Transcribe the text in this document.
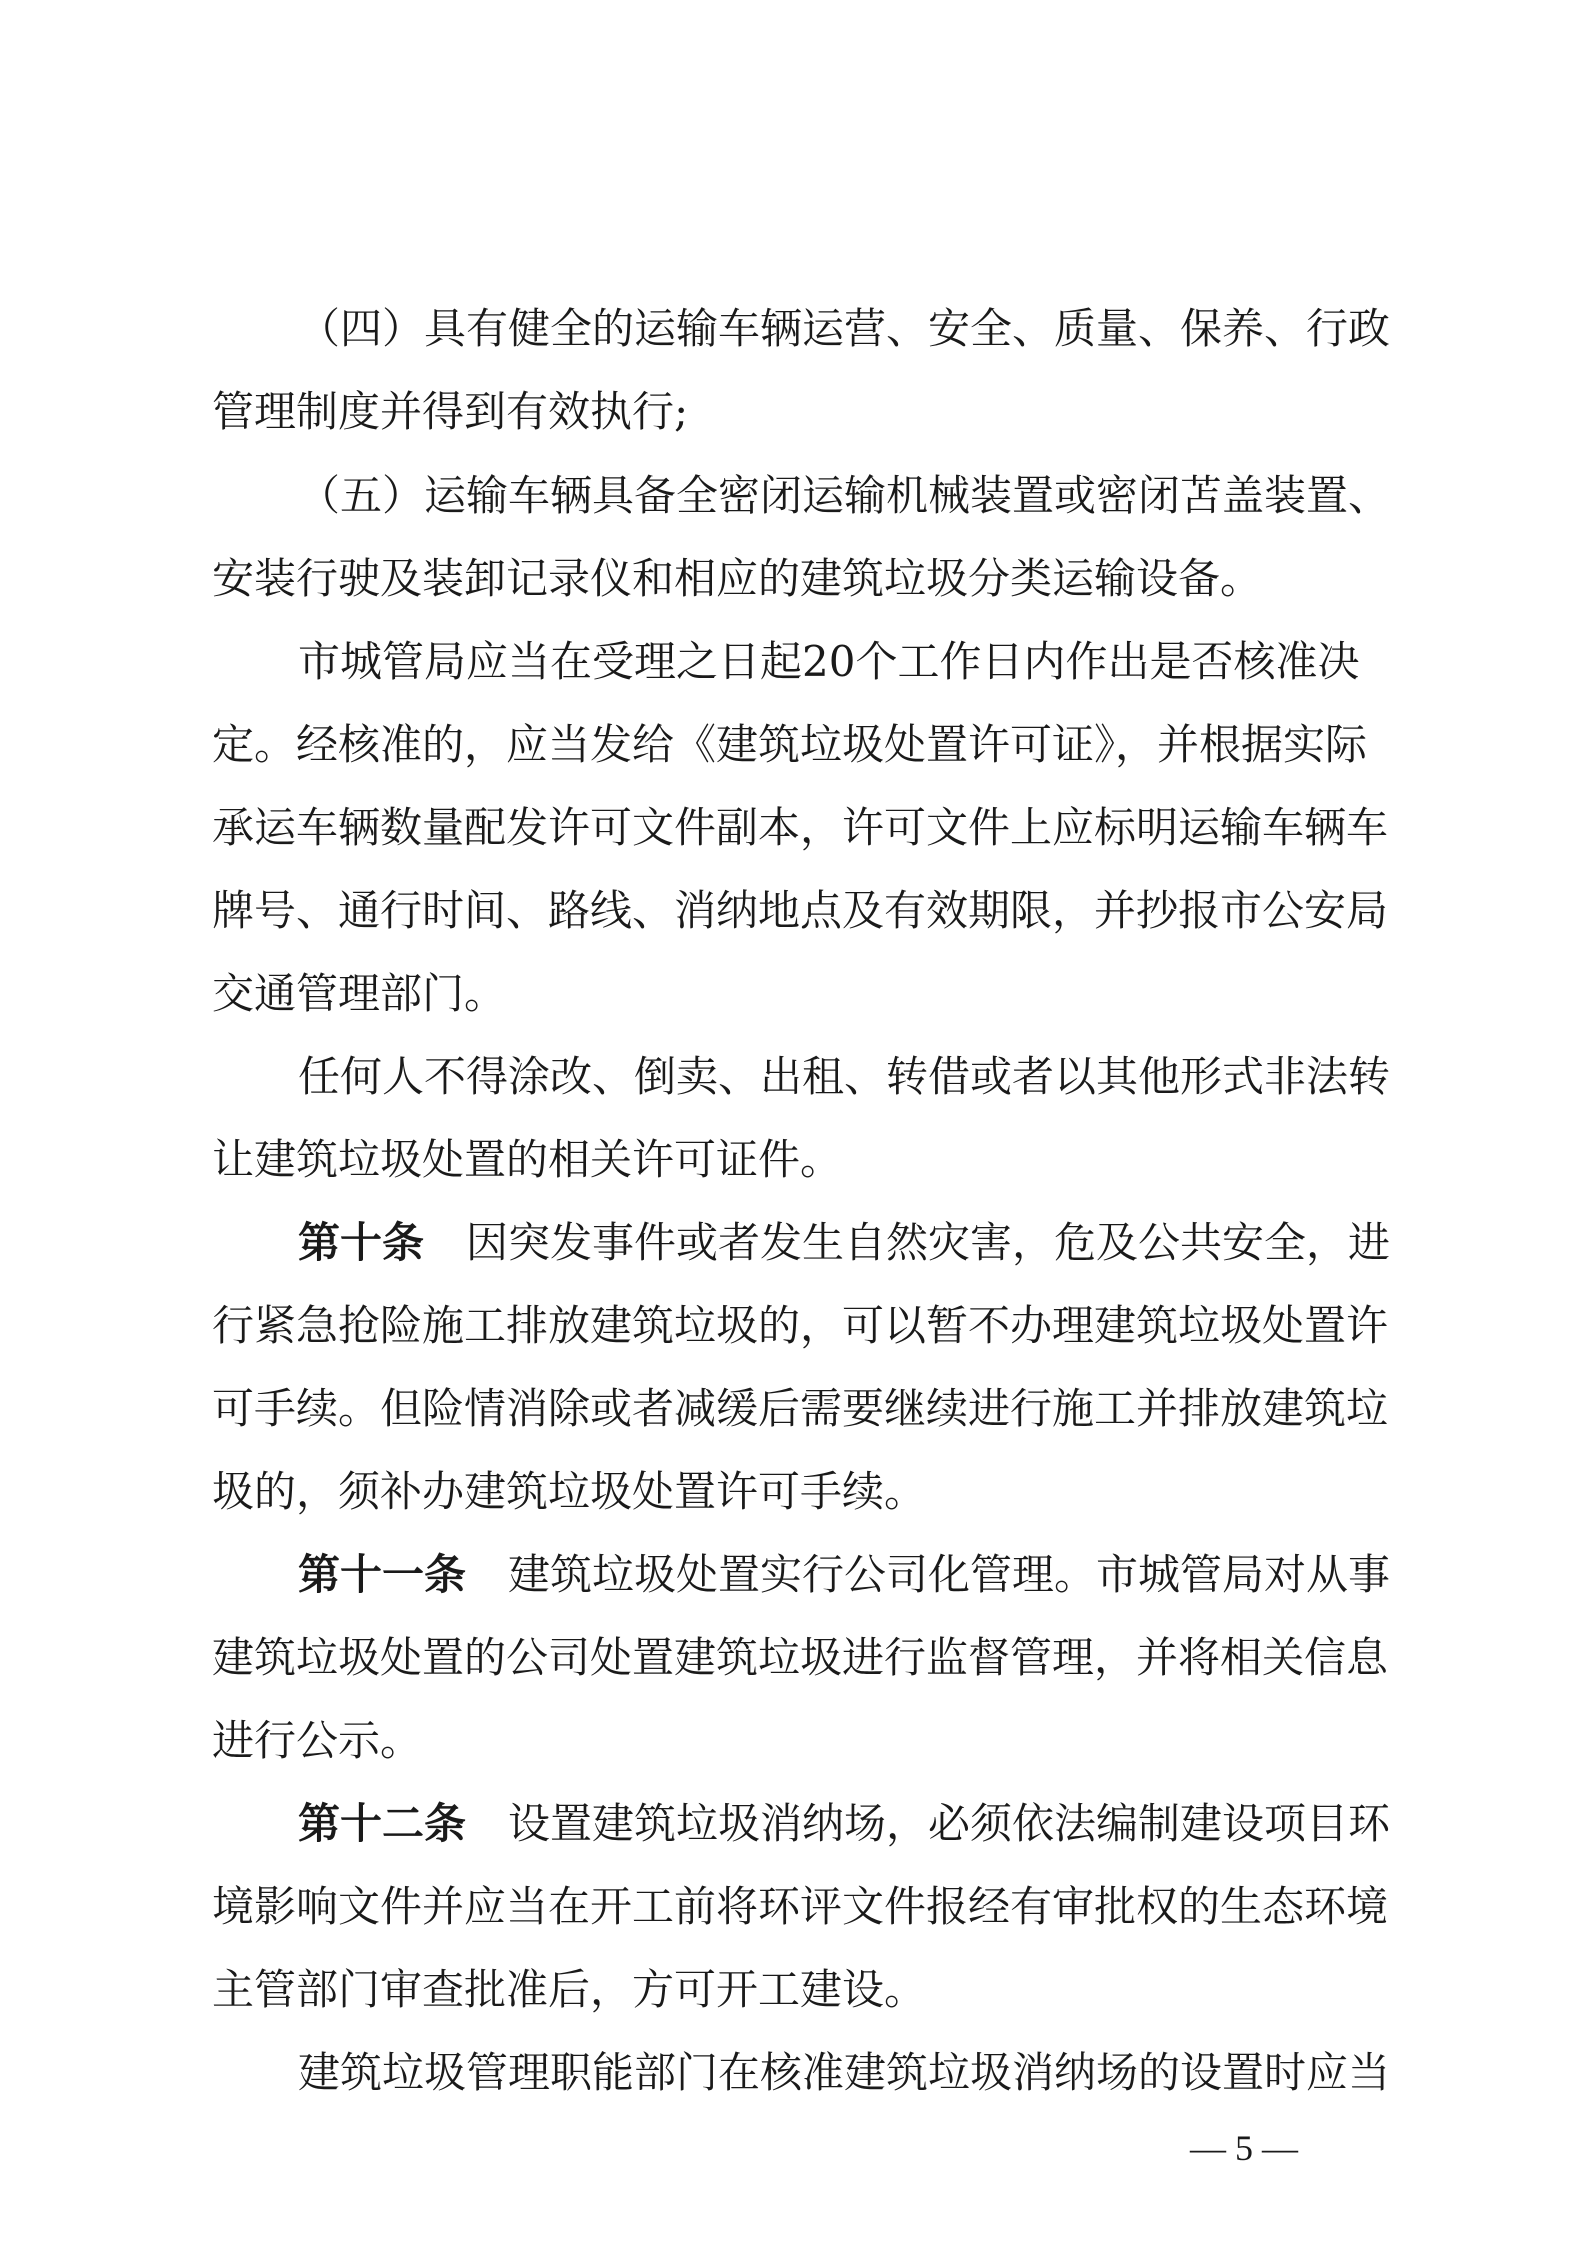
（四）具有健全的运输车辆运营、安全、质量、保养、行政
管理制度并得到有效执行;
（五）运输车辆具备全密闭运输机械装置或密闭苫盖装置、
安装行驶及装卸记录仪和相应的建筑垃圾分类运输设备。
市城管局应当在受理之日起20个工作日内作出是否核准决
定。经核准的，应当发给《建筑垃圾处置许可证》，并根据实际
承运车辆数量配发许可文件副本，许可文件上应标明运输车辆车
牌号、通行时间、路线、消纳地点及有效期限，并抄报市公安局
交通管理部门。
任何人不得涂改、倒卖、出租、转借或者以其他形式非法转
让建筑垃圾处置的相关许可证件。
第十条 因突发事件或者发生自然灾害，危及公共安全，进
行紧急抢险施工排放建筑垃圾的，可以暂不办理建筑垃圾处置许
可手续。但险情消除或者减缓后需要继续进行施工并排放建筑垃
圾的，须补办建筑垃圾处置许可手续。
第十一条 建筑垃圾处置实行公司化管理。市城管局对从事
建筑垃圾处置的公司处置建筑垃圾进行监督管理，并将相关信息
进行公示。
第十二条 设置建筑垃圾消纳场，必须依法编制建设项目环
境影响文件并应当在开工前将环评文件报经有审批权的生态环境
主管部门审查批准后，方可开工建设。
建筑垃圾管理职能部门在核准建筑垃圾消纳场的设置时应当
— 5 —
